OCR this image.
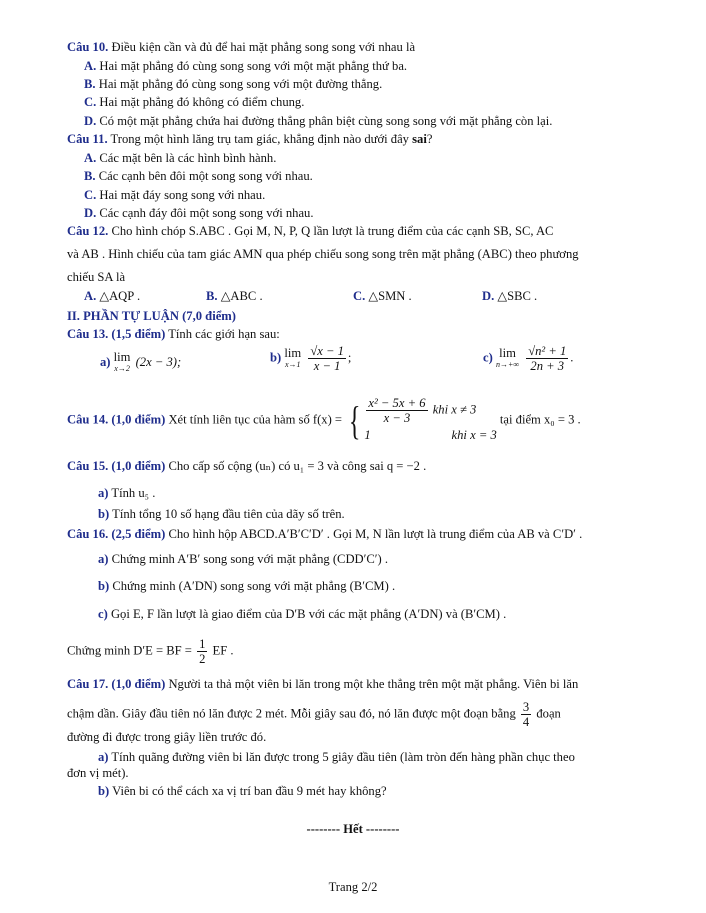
Câu 10. Điều kiện cần và đủ để hai mặt phẳng song song với nhau là
A. Hai mặt phẳng đó cùng song song với một mặt phẳng thứ ba.
B. Hai mặt phẳng đó cùng song song với một đường thẳng.
C. Hai mặt phẳng đó không có điểm chung.
D. Có một mặt phẳng chứa hai đường thẳng phân biệt cùng song song với mặt phẳng còn lại.
Câu 11. Trong một hình lăng trụ tam giác, khẳng định nào dưới đây sai?
A. Các mặt bên là các hình bình hành.
B. Các cạnh bên đôi một song song với nhau.
C. Hai mặt đáy song song với nhau.
D. Các cạnh đáy đôi một song song với nhau.
Câu 12. Cho hình chóp S.ABC . Gọi M, N, P, Q lần lượt là trung điểm của các cạnh SB, SC, AC
và AB . Hình chiếu của tam giác AMN qua phép chiếu song song trên mặt phẳng (ABC) theo phương
chiếu SA là
A. △AQP .	B. △ABC .	C. △SMN .	D. △SBC .
II. PHẦN TỰ LUẬN (7,0 điểm)
Câu 13. (1,5 điểm) Tính các giới hạn sau:
a) lim
x→2 (2x − 3);	b) lim
x→1
$\frac{√x - 1}{x - 1}$ ;	c) lim
n→+∞
$\frac{\text{√n² + 1}}{2n + 3}$ .
Câu 14. (1,0 điểm) Xét tính liên tục của hàm số f(x) = { $\frac{\text{x² − 5x + 6}}{x - 3}$ khi x ≠ 3
1	khi x = 3
tại điểm x₀ = 3 .
Câu 15. (1,0 điểm) Cho cấp số cộng (uₙ) có u₁ = 3 và công sai q = −2 .
a) Tính u₅ .
b) Tính tổng 10 số hạng đầu tiên của dãy số trên.
Câu 16. (2,5 điểm) Cho hình hộp ABCD.A′B′C′D′ . Gọi M, N lần lượt là trung điểm của AB và C′D′ .
a) Chứng minh A′B′ song song với mặt phẳng (CDD′C′) .
b) Chứng minh (A′DN) song song với mặt phẳng (B′CM) .
c) Gọi E, F lần lượt là giao điểm của D′B với các mặt phẳng (A′DN) và (B′CM) .
Chứng minh D′E = BF = $\frac{1}{2}$ EF .
Câu 17. (1,0 điểm) Người ta thả một viên bi lăn trong một khe thẳng trên một mặt phẳng. Viên bi lăn
chậm dần. Giây đầu tiên nó lăn được 2 mét. Mỗi giây sau đó, nó lăn được một đoạn bằng $\frac{3}{4}$ đoạn
đường đi được trong giây liền trước đó.
a) Tính quãng đường viên bi lăn được trong 5 giây đầu tiên (làm tròn đến hàng phần chục theo
đơn vị mét).
b) Viên bi có thể cách xa vị trí ban đầu 9 mét hay không?
-------- Hết --------
Trang 2/2
